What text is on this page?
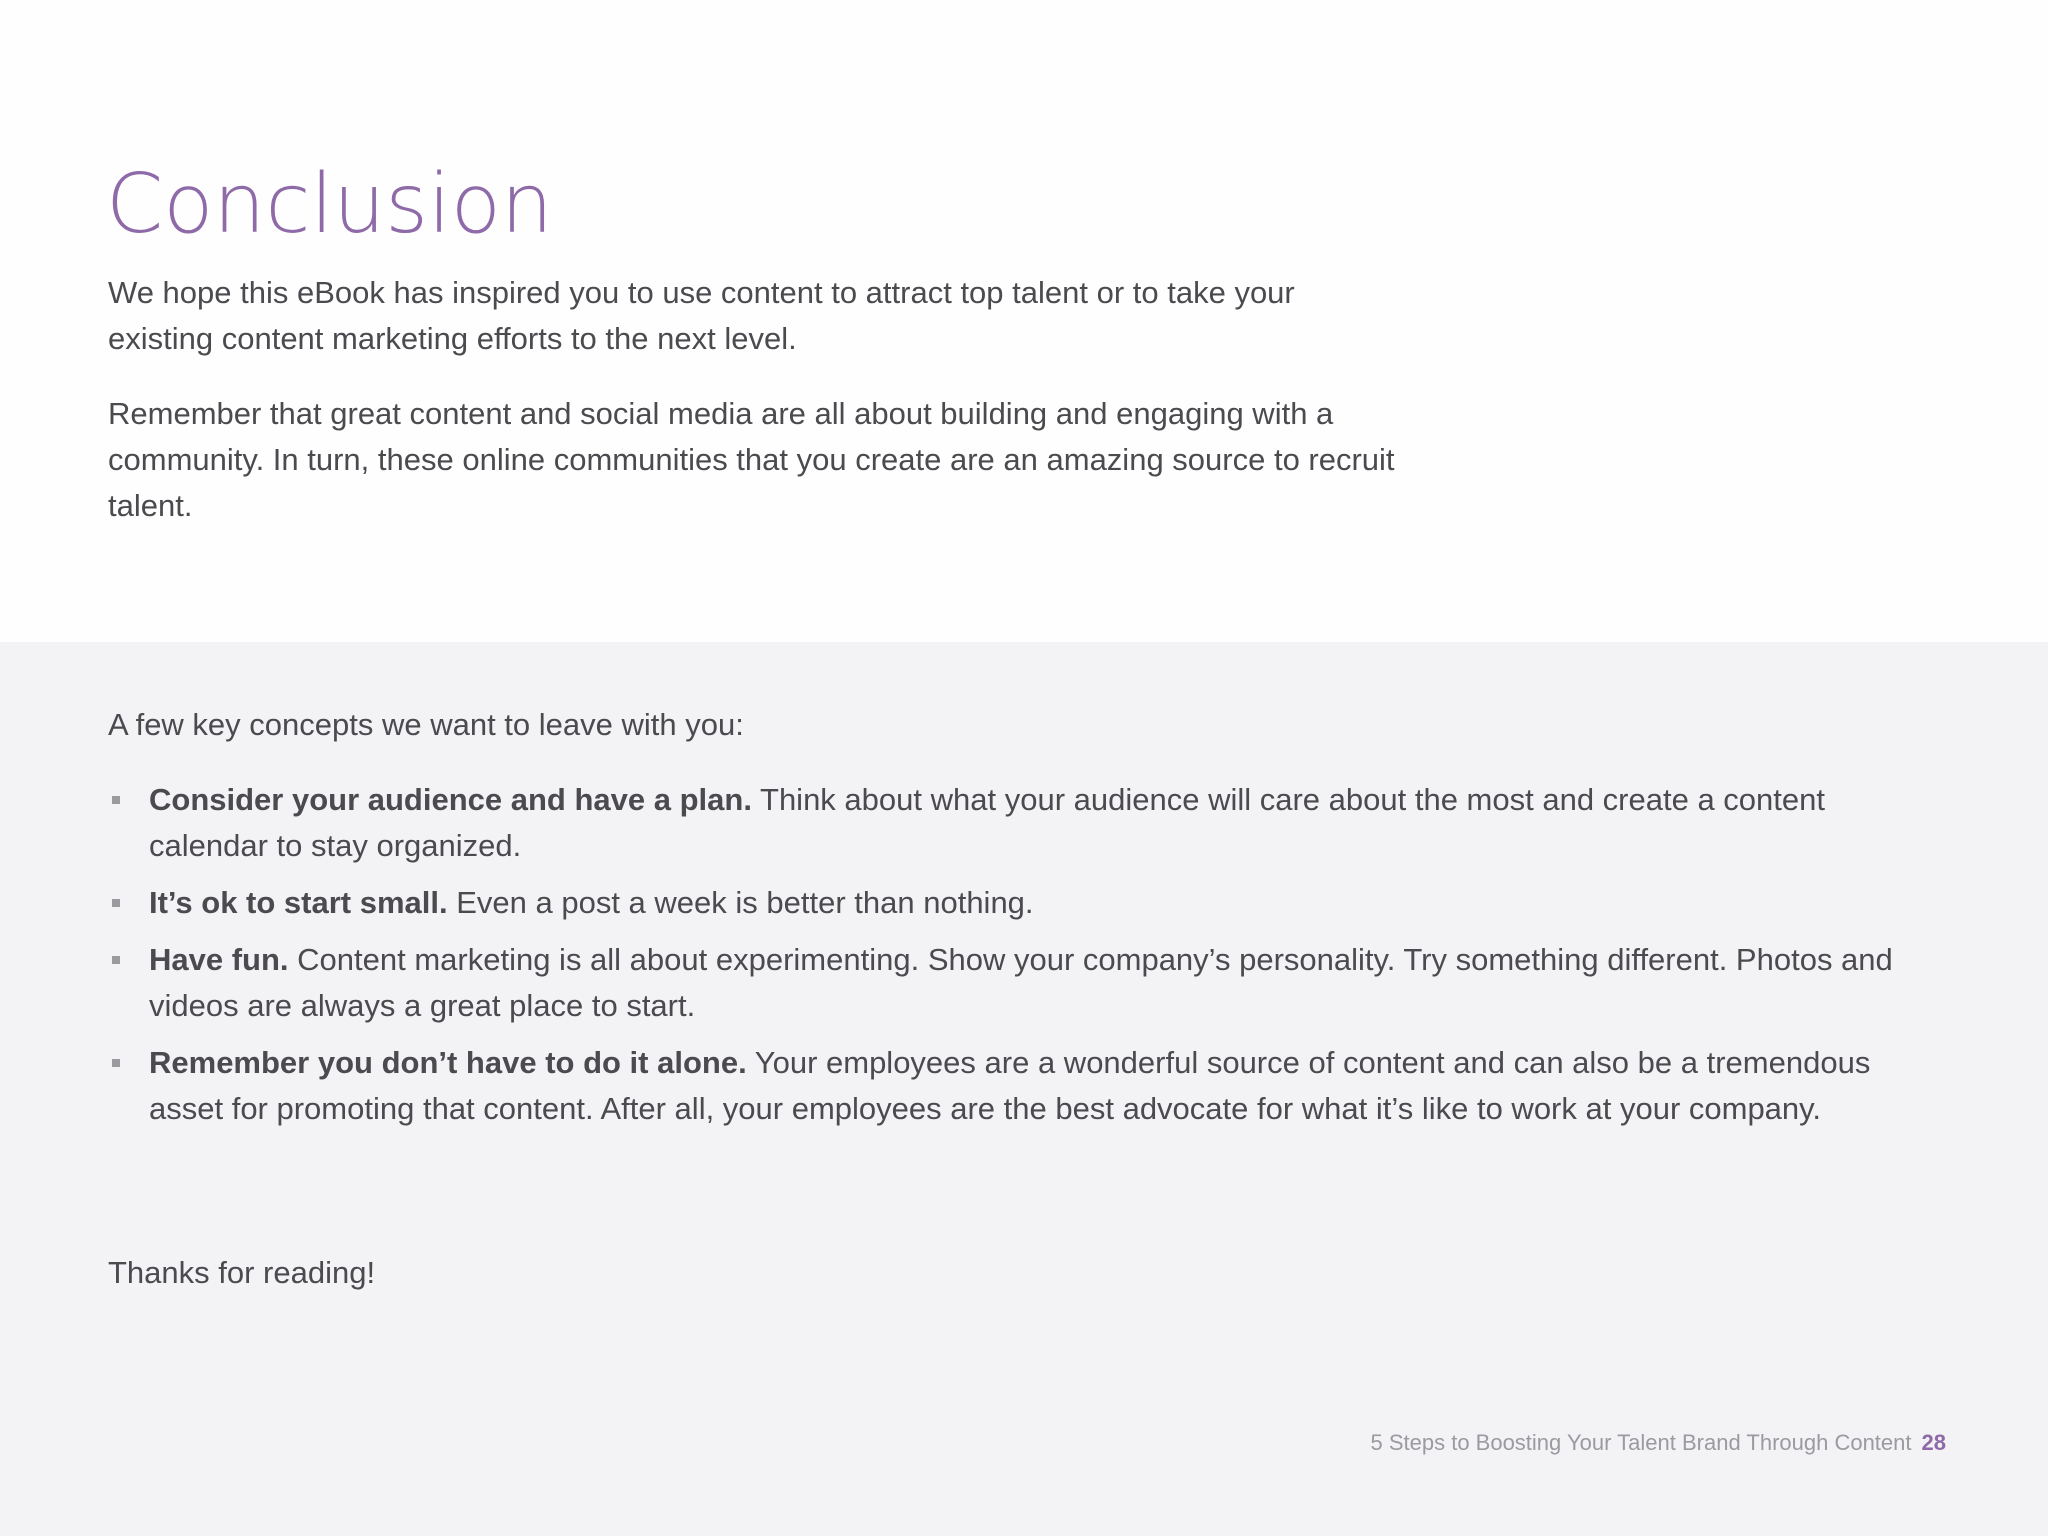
Conclusion

We hope this eBook has inspired you to use content to attract top talent or to take your existing content marketing efforts to the next level.

Remember that great content and social media are all about building and engaging with a community. In turn, these online communities that you create are an amazing source to recruit talent.

A few key concepts we want to leave with you:

Consider your audience and have a plan. Think about what your audience will care about the most and create a content calendar to stay organized.
It’s ok to start small. Even a post a week is better than nothing.
Have fun. Content marketing is all about experimenting. Show your company’s personality. Try something different. Photos and videos are always a great place to start.
Remember you don’t have to do it alone. Your employees are a wonderful source of content and can also be a tremendous asset for promoting that content. After all, your employees are the best advocate for what it’s like to work at your company.

Thanks for reading!

5 Steps to Boosting Your Talent Brand Through Content 28
